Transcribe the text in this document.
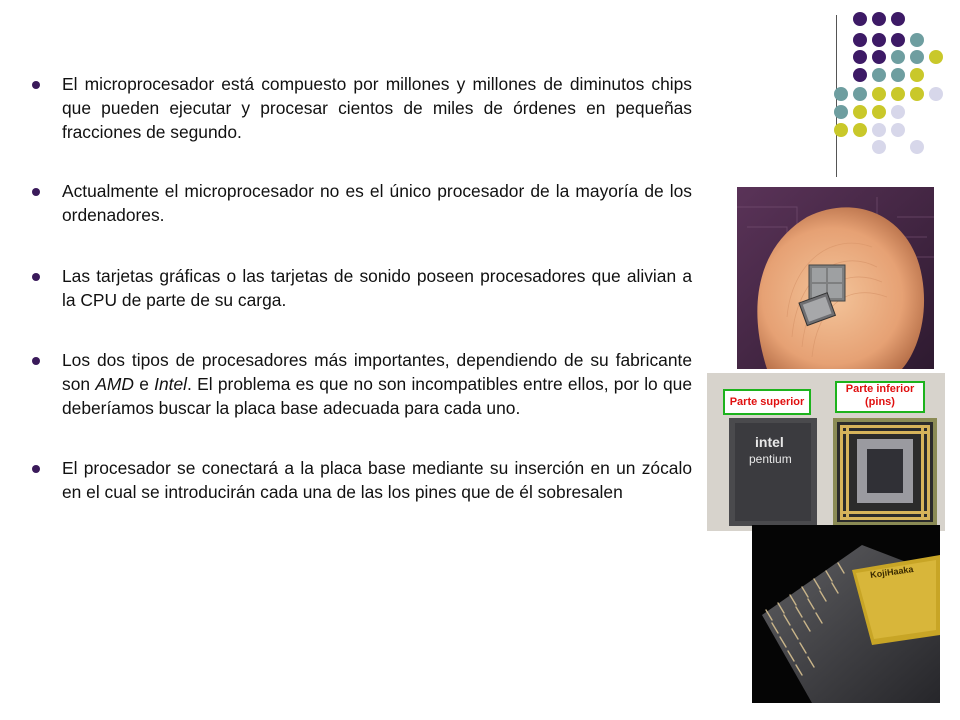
El microprocesador está compuesto por millones y millones de diminutos chips que pueden ejecutar y procesar cientos de miles de órdenes en pequeñas fracciones de segundo.
Actualmente el microprocesador no es el único procesador de la mayoría de los ordenadores.
Las tarjetas gráficas o las tarjetas de sonido poseen procesadores que alivian a la CPU de parte de su carga.
Los dos tipos de procesadores más importantes, dependiendo de su fabricante son AMD e Intel. El problema es que no son incompatibles entre ellos, por lo que deberíamos buscar la placa base adecuada para cada uno.
El procesador se conectará a la placa base mediante su inserción en un zócalo en el cual se introducirán cada una de las los pines que de él sobresalen
intel
pentium
Parte superior
Parte inferior (pins)
KojiHaaka
